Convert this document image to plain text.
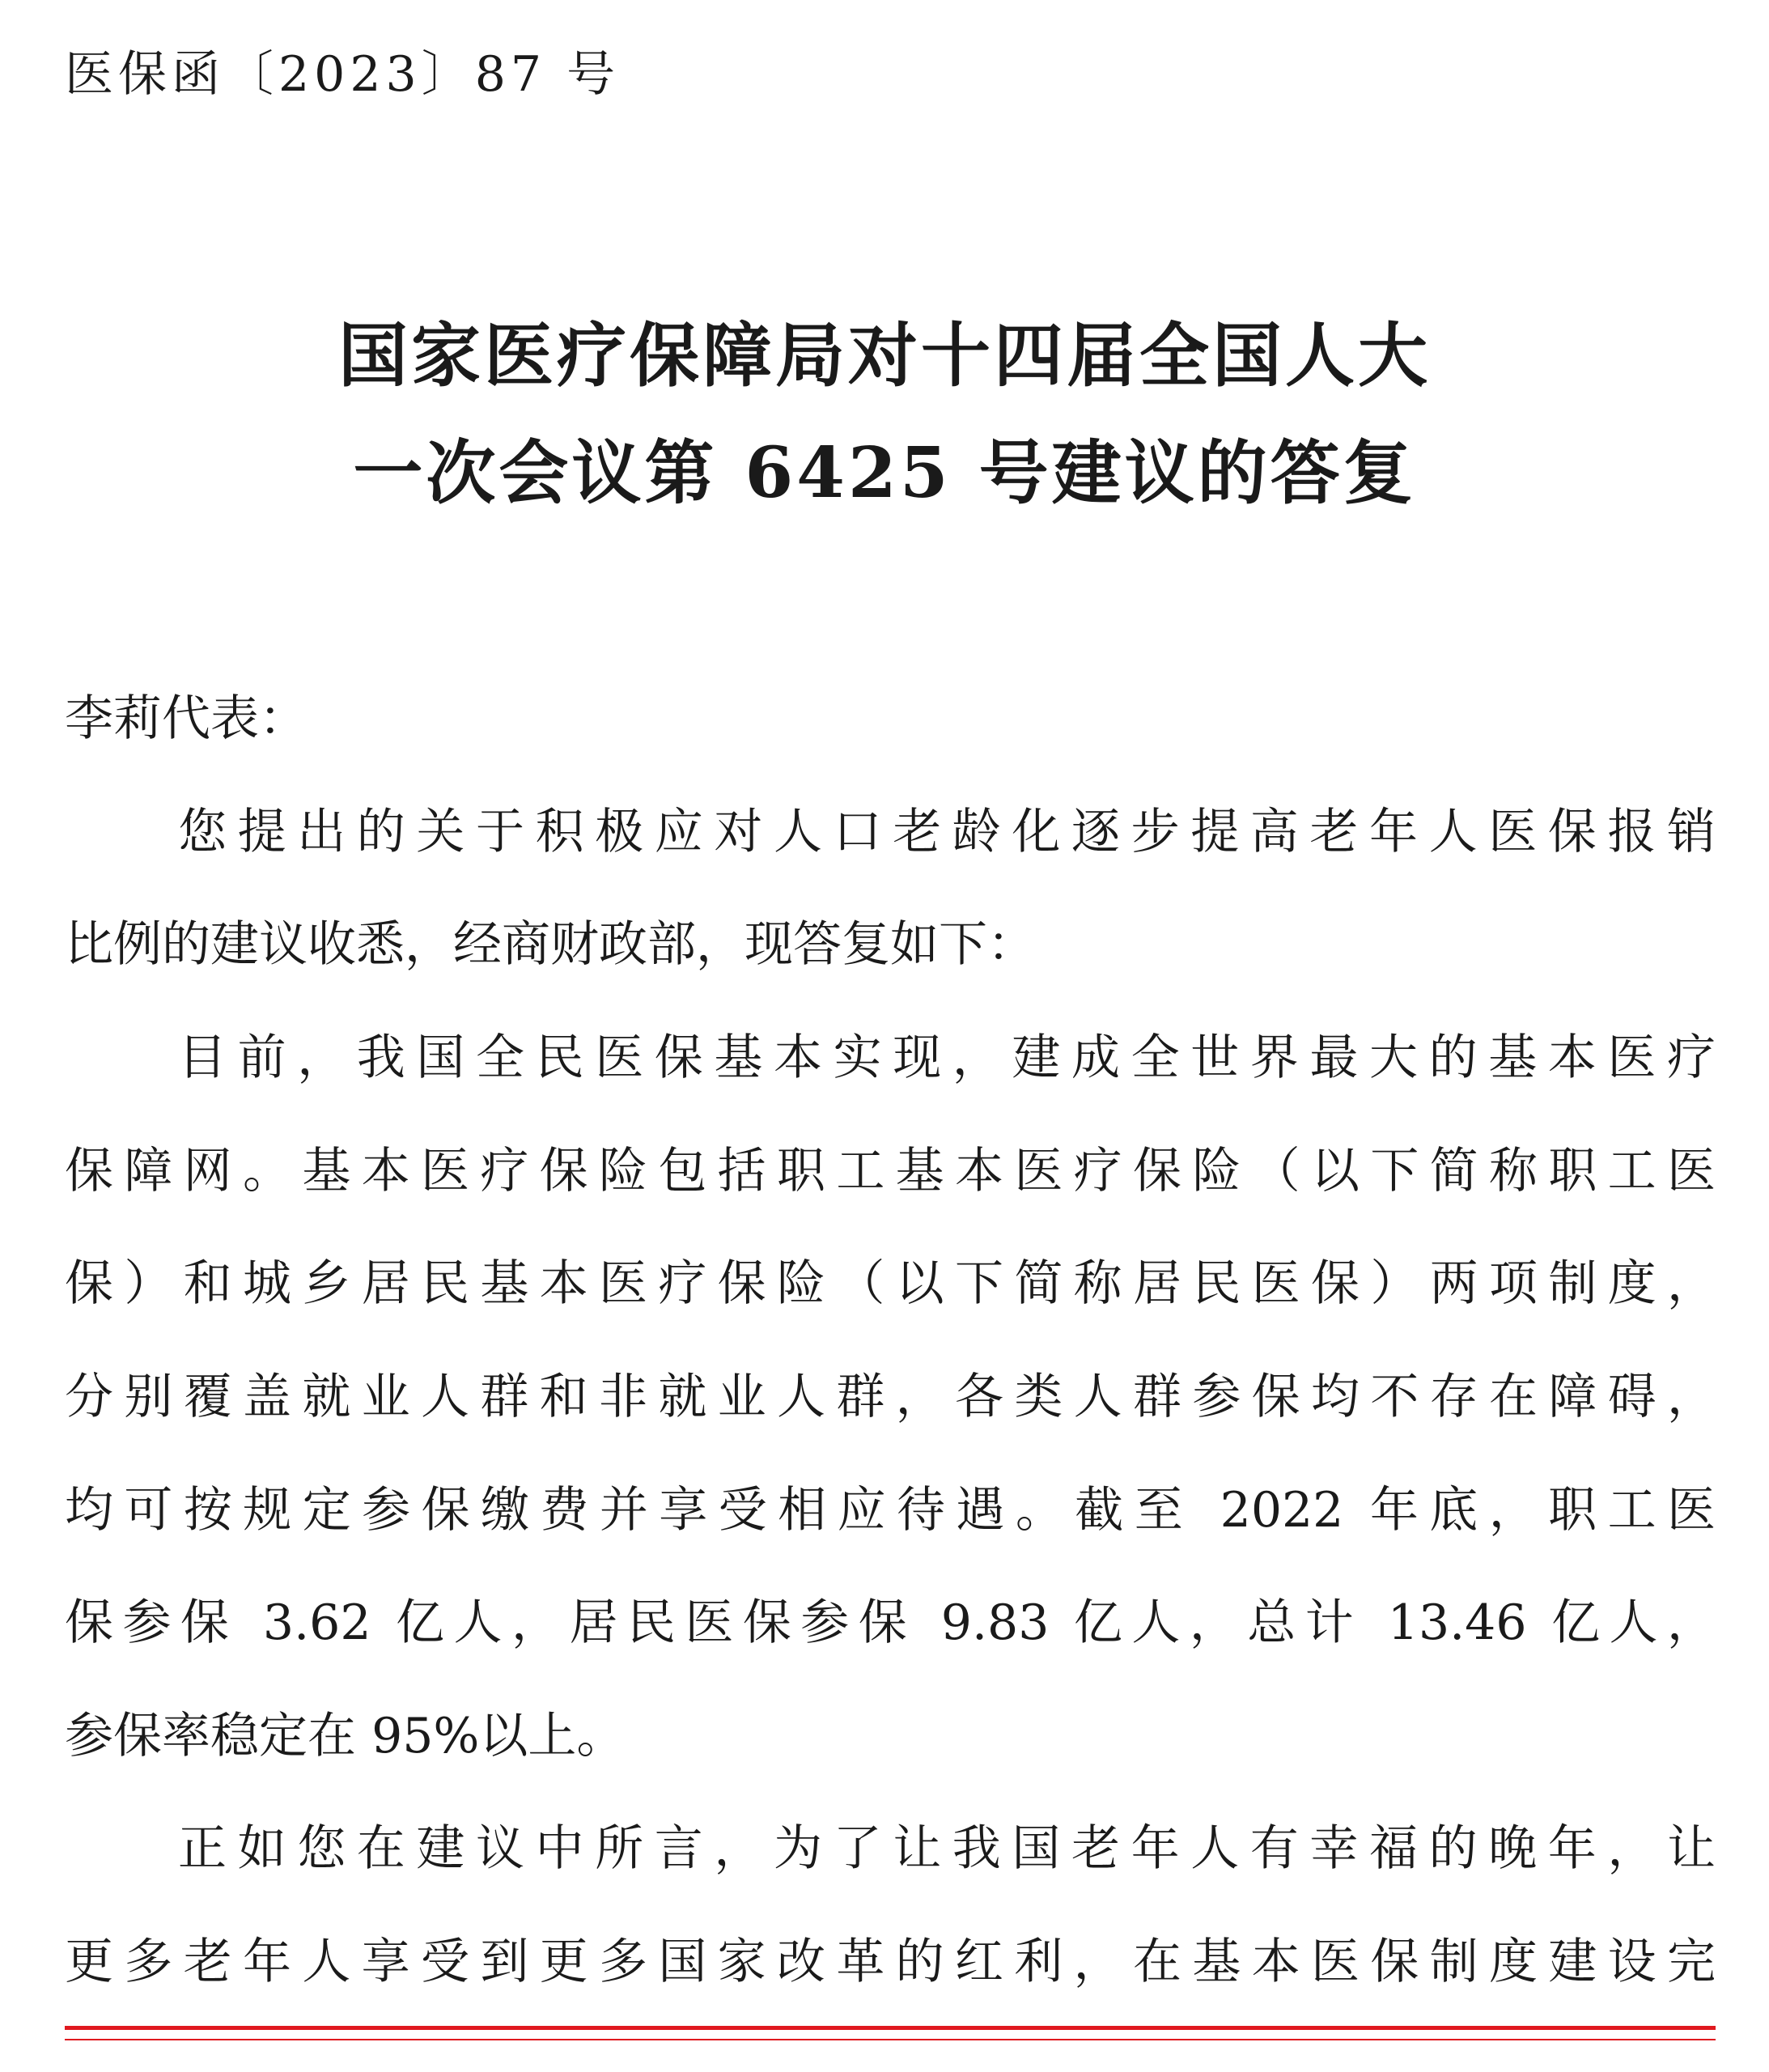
医保函〔2023〕87 号
国家医疗保障局对十四届全国人大
一次会议第 6425 号建议的答复
李莉代表：
您提出的关于积极应对人口老龄化逐步提高老年人医保报销
比例的建议收悉，经商财政部，现答复如下：
目前，我国全民医保基本实现，建成全世界最大的基本医疗
保障网。基本医疗保险包括职工基本医疗保险（以下简称职工医
保）和城乡居民基本医疗保险（以下简称居民医保）两项制度，
分别覆盖就业人群和非就业人群，各类人群参保均不存在障碍，
均可按规定参保缴费并享受相应待遇。截至 2022 年底，职工医
保参保 3.62 亿人，居民医保参保 9.83 亿人，总计 13.46 亿人，
参保率稳定在 95%以上。
正如您在建议中所言，为了让我国老年人有幸福的晚年，让
更多老年人享受到更多国家改革的红利，在基本医保制度建设完
